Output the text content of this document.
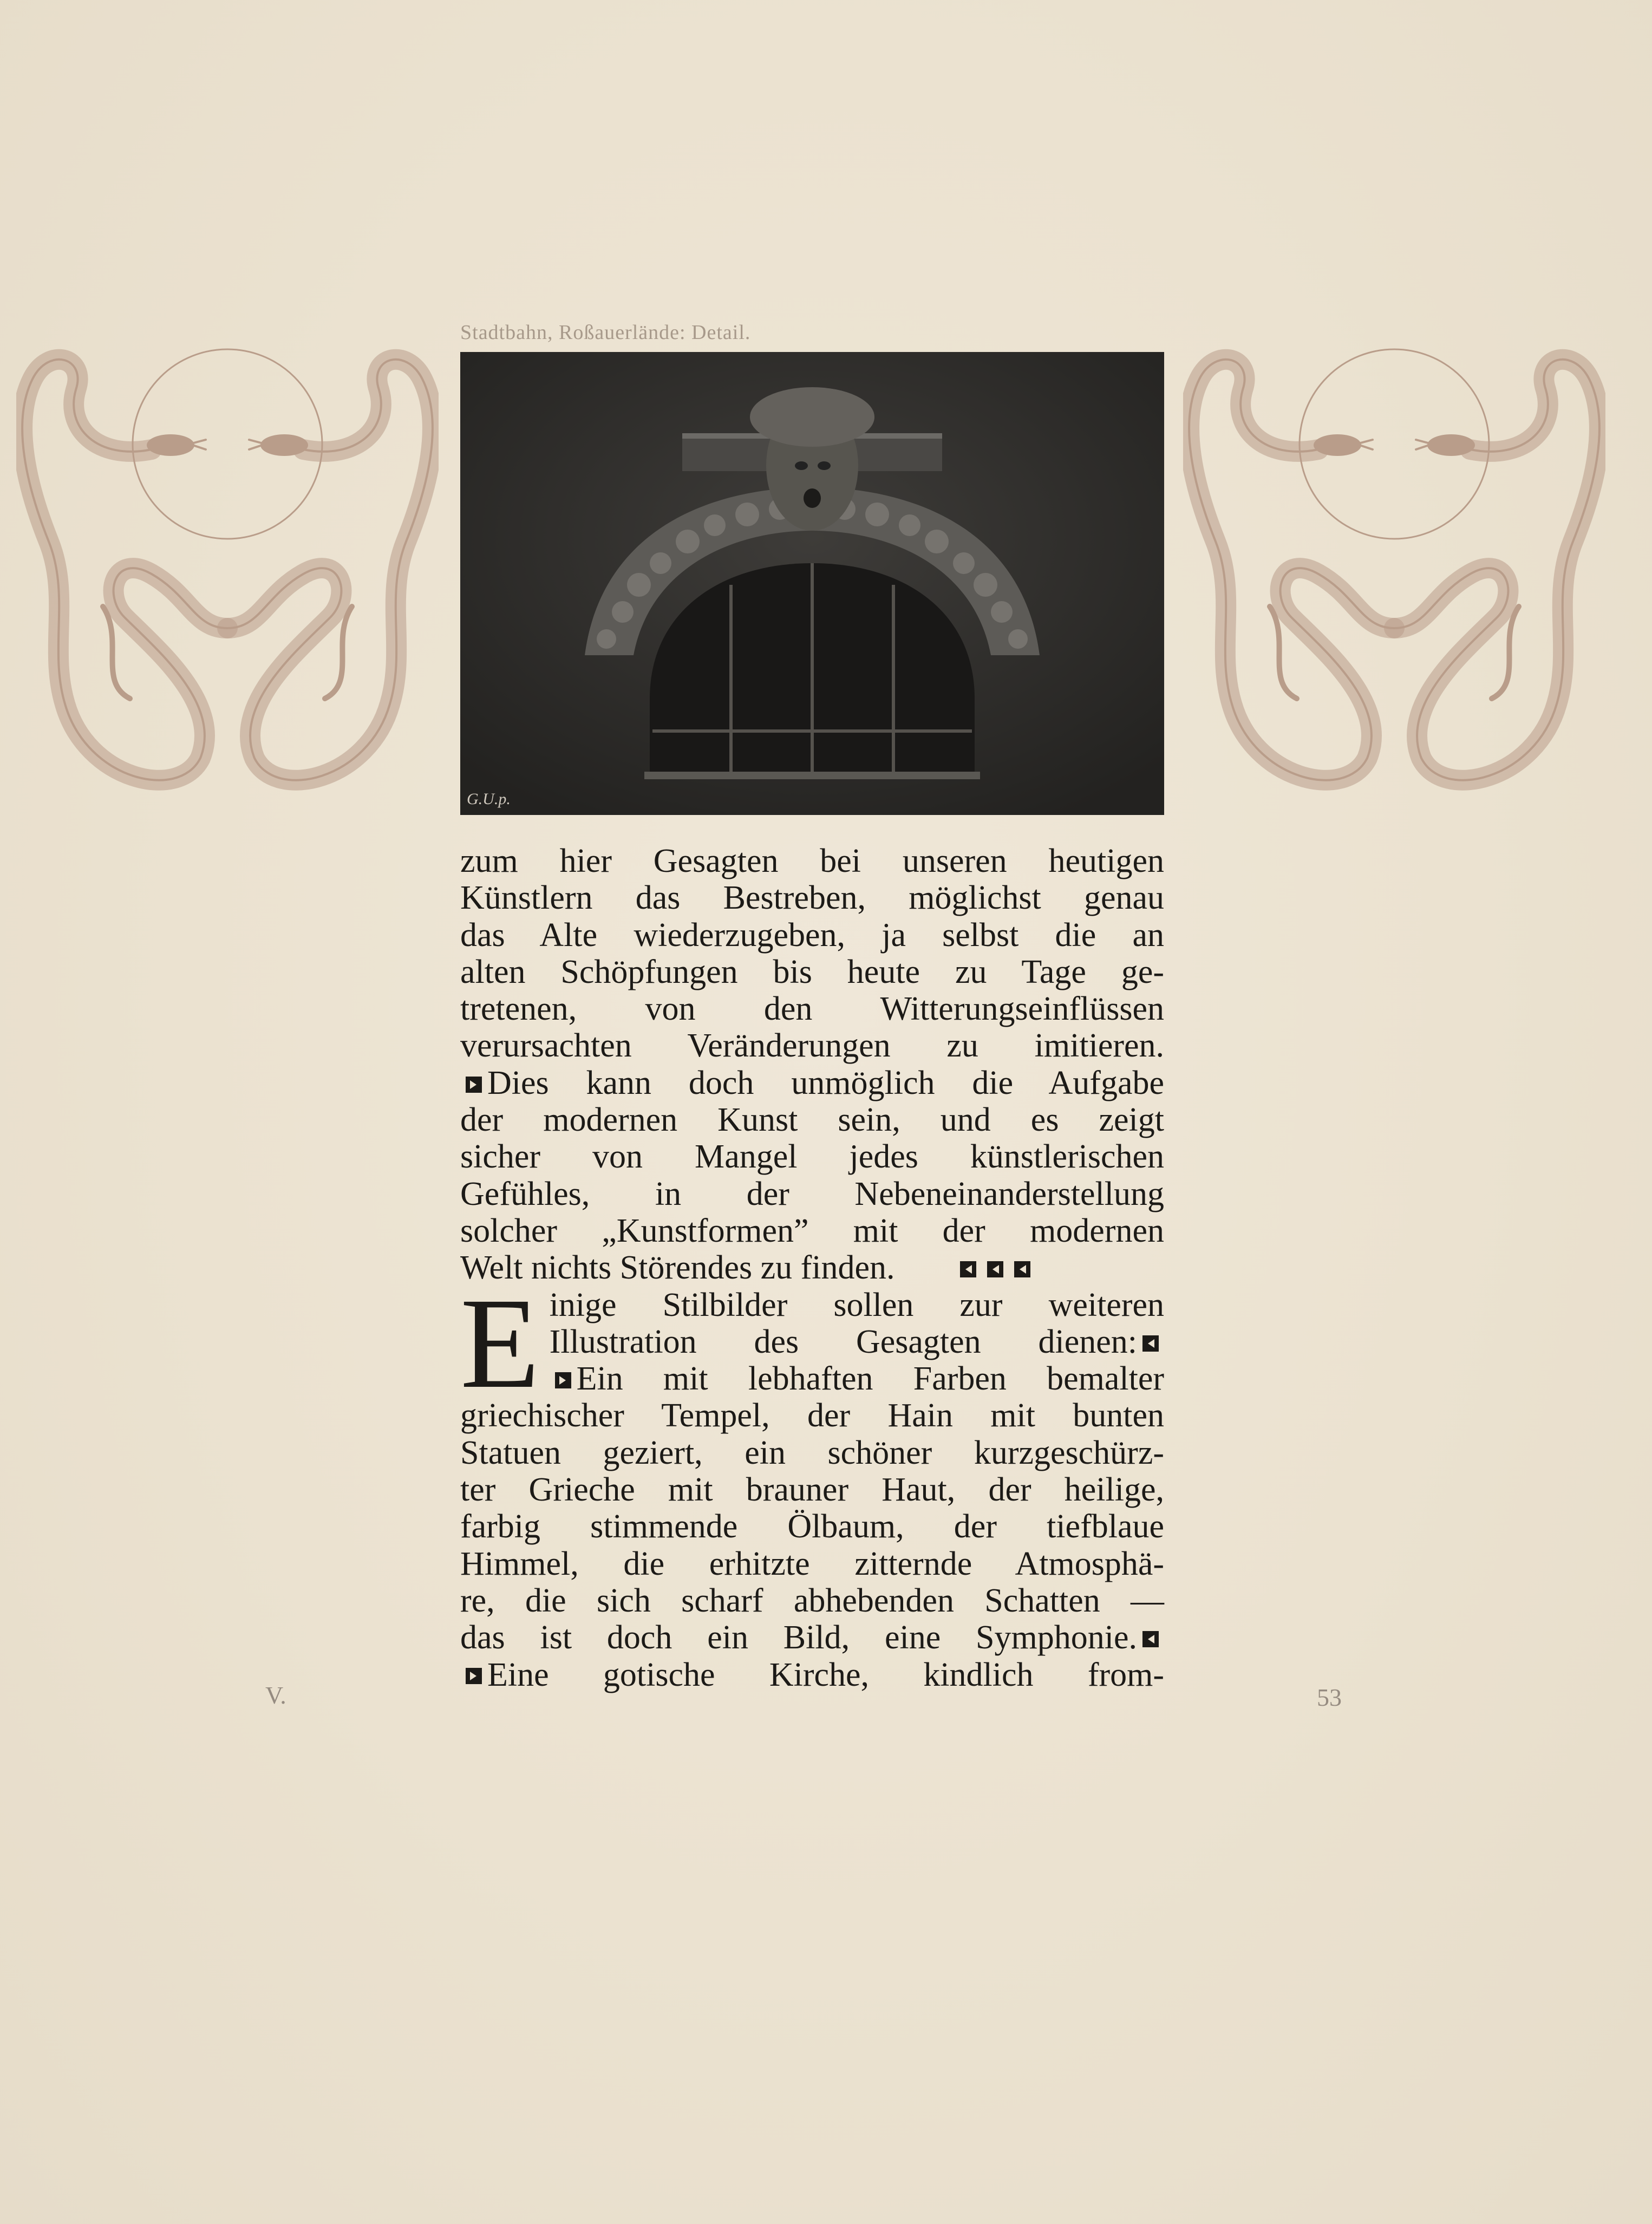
Stadtbahn, Roßauerlände: Detail.
G.U.p.
zum hier Gesagten bei unseren heutigen
Künstlern das Bestreben, möglichst genau
das Alte wiederzugeben, ja selbst die an
alten Schöpfungen bis heute zu Tage ge-
tretenen, von den Witterungseinflüssen
verursachten Veränderungen zu imitieren.
Dies kann doch unmöglich die Aufgabe
der modernen Kunst sein, und es zeigt
sicher von Mangel jedes künstlerischen
Gefühles, in der Nebeneinanderstellung
solcher „Kunstformen” mit der modernen
Welt nichts Störendes zu finden.
E inige Stilbilder sollen zur weiteren
Illustration des Gesagten dienen:
Ein mit lebhaften Farben bemalter
griechischer Tempel, der Hain mit bunten
Statuen geziert, ein schöner kurzgeschürz-
ter Grieche mit brauner Haut, der heilige,
farbig stimmende Ölbaum, der tiefblaue
Himmel, die erhitzte zitternde Atmosphä-
re, die sich scharf abhebenden Schatten —
das ist doch ein Bild, eine Symphonie.
Eine gotische Kirche, kindlich from-
V.	53
